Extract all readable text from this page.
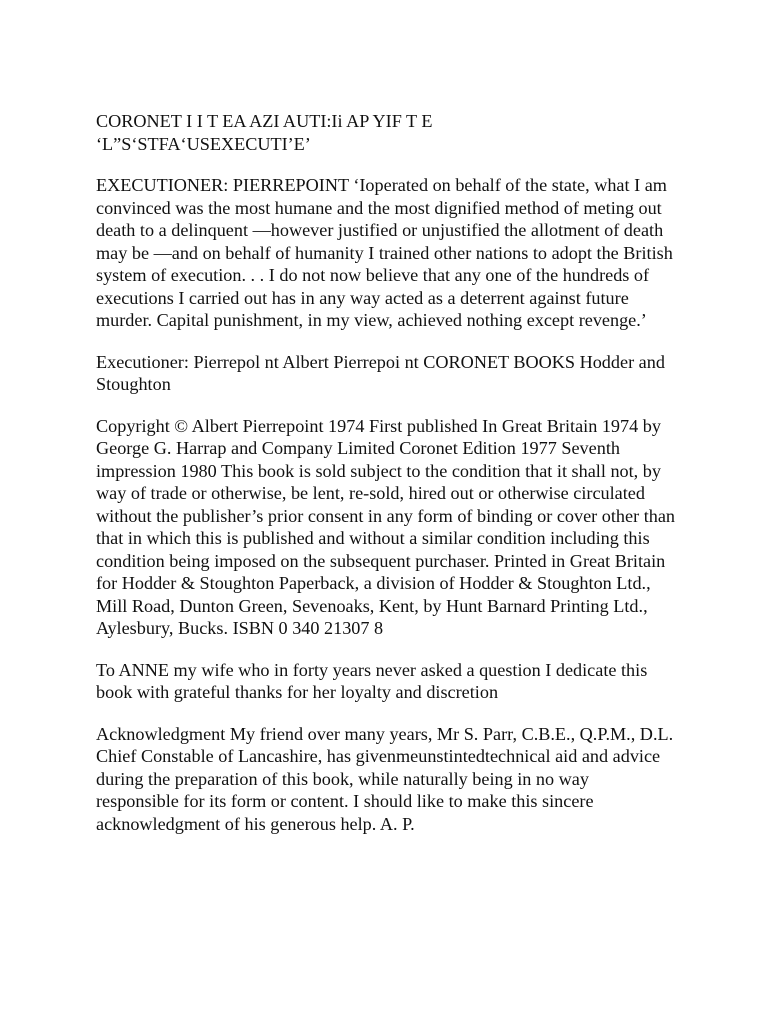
CORONET I I T EA AZI AUTI:Ii AP YIF T E

‘L”S‘STFA‘USEXECUTI’E’

EXECUTIONER: PIERREPOINT ‘Ioperated on behalf of the state, what I am convinced was the most humane and the most dignified method of meting out death to a delinquent —however justified or unjustified the allotment of death may be —and on behalf of humanity I trained other nations to adopt the British system of execution. . . I do not now believe that any one of the hundreds of executions I carried out has in any way acted as a deterrent against future murder. Capital punishment, in my view, achieved nothing except revenge.’

Executioner: Pierrepol nt Albert Pierrepoi nt CORONET BOOKS Hodder and Stoughton

Copyright © Albert Pierrepoint 1974 First published In Great Britain 1974 by George G. Harrap and Company Limited Coronet Edition 1977 Seventh impression 1980 This book is sold subject to the condition that it shall not, by way of trade or otherwise, be lent, re-sold, hired out or otherwise circulated without the publisher’s prior consent in any form of binding or cover other than that in which this is published and without a similar condition including this condition being imposed on the subsequent purchaser. Printed in Great Britain for Hodder & Stoughton Paperback, a division of Hodder & Stoughton Ltd., Mill Road, Dunton Green, Sevenoaks, Kent, by Hunt Barnard Printing Ltd., Aylesbury, Bucks. ISBN 0 340 21307 8

To ANNE my wife who in forty years never asked a question I dedicate this book with grateful thanks for her loyalty and discretion

Acknowledgment My friend over many years, Mr S. Parr, C.B.E., Q.P.M., D.L. Chief Constable of Lancashire, has givenmeunstintedtechnical aid and advice during the preparation of this book, while naturally being in no way responsible for its form or content. I should like to make this sincere acknowledgment of his generous help. A. P.
